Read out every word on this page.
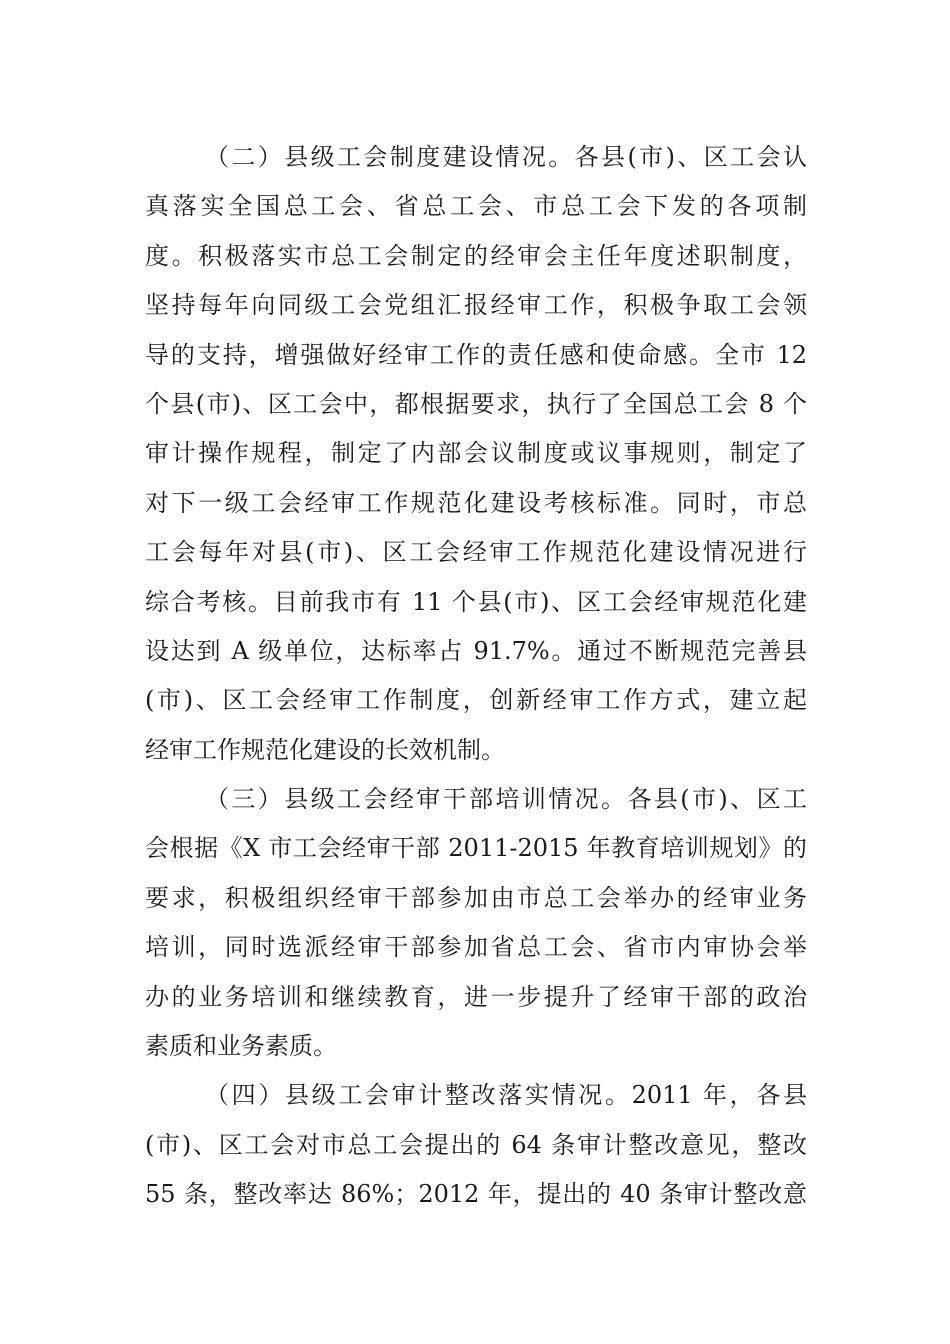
（二）县级工会制度建设情况。各县(市)、区工会认
真落实全国总工会、省总工会、市总工会下发的各项制
度。积极落实市总工会制定的经审会主任年度述职制度，
坚持每年向同级工会党组汇报经审工作，积极争取工会领
导的支持，增强做好经审工作的责任感和使命感。全市 12
个县(市)、区工会中，都根据要求，执行了全国总工会 8 个
审计操作规程，制定了内部会议制度或议事规则，制定了
对下一级工会经审工作规范化建设考核标准。同时，市总
工会每年对县(市)、区工会经审工作规范化建设情况进行
综合考核。目前我市有 11 个县(市)、区工会经审规范化建
设达到 A 级单位，达标率占 91.7%。通过不断规范完善县
(市)、区工会经审工作制度，创新经审工作方式，建立起
经审工作规范化建设的长效机制。
（三）县级工会经审干部培训情况。各县(市)、区工
会根据《X 市工会经审干部 2011-2015 年教育培训规划》的
要求，积极组织经审干部参加由市总工会举办的经审业务
培训，同时选派经审干部参加省总工会、省市内审协会举
办的业务培训和继续教育，进一步提升了经审干部的政治
素质和业务素质。
（四）县级工会审计整改落实情况。2011 年，各县
(市)、区工会对市总工会提出的 64 条审计整改意见，整改
55 条，整改率达 86%；2012 年，提出的 40 条审计整改意
